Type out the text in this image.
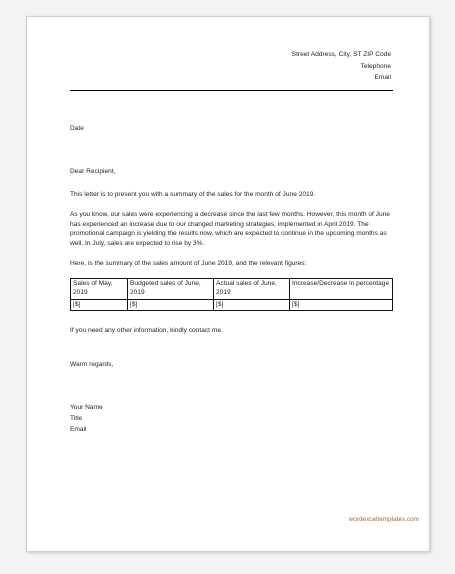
Street Address, City, ST ZIP Code
Telephone
Email
Date
Dear Recipient,
This letter is to present you with a summary of the sales for the month of June 2019.
As you know, our sales were experiencing a decrease since the last few months. However, this month of June has experienced an increase due to our changed marketing strategies, implemented in April 2019. The promotional campaign is yielding the results now, which are expected to continue in the upcoming months as well. In July, sales are expected to rise by 3%.
Here, is the summary of the sales amount of June 2019, and the relevant figures:
Sales of May, 2019	Budgeted sales of June, 2019	Actual sales of June, 2019	Increase/Decrease in percentage
[$]	[$]	[$]	[$]
If you need any other information, kindly contact me.
Warm regards,
Your Name
Title
Email
wordexceltemplates.com
